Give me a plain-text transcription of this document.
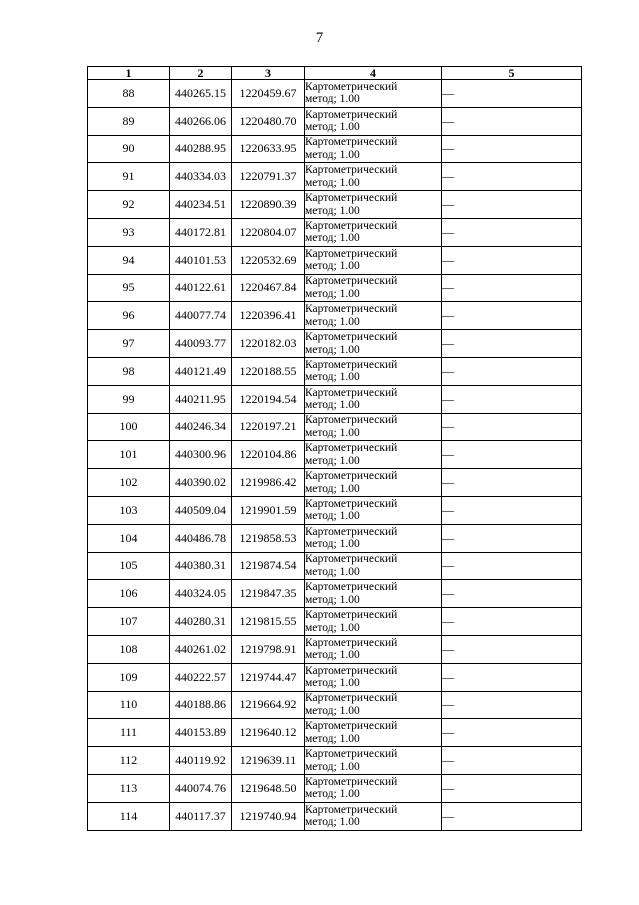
7
1	2	3	4	5
88	440265.15	1220459.67	Картометрический
метод; 1.00	—
89	440266.06	1220480.70	Картометрический
метод; 1.00	—
90	440288.95	1220633.95	Картометрический
метод; 1.00	—
91	440334.03	1220791.37	Картометрический
метод; 1.00	—
92	440234.51	1220890.39	Картометрический
метод; 1.00	—
93	440172.81	1220804.07	Картометрический
метод; 1.00	—
94	440101.53	1220532.69	Картометрический
метод; 1.00	—
95	440122.61	1220467.84	Картометрический
метод; 1.00	—
96	440077.74	1220396.41	Картометрический
метод; 1.00	—
97	440093.77	1220182.03	Картометрический
метод; 1.00	—
98	440121.49	1220188.55	Картометрический
метод; 1.00	—
99	440211.95	1220194.54	Картометрический
метод; 1.00	—
100	440246.34	1220197.21	Картометрический
метод; 1.00	—
101	440300.96	1220104.86	Картометрический
метод; 1.00	—
102	440390.02	1219986.42	Картометрический
метод; 1.00	—
103	440509.04	1219901.59	Картометрический
метод; 1.00	—
104	440486.78	1219858.53	Картометрический
метод; 1.00	—
105	440380.31	1219874.54	Картометрический
метод; 1.00	—
106	440324.05	1219847.35	Картометрический
метод; 1.00	—
107	440280.31	1219815.55	Картометрический
метод; 1.00	—
108	440261.02	1219798.91	Картометрический
метод; 1.00	—
109	440222.57	1219744.47	Картометрический
метод; 1.00	—
110	440188.86	1219664.92	Картометрический
метод; 1.00	—
111	440153.89	1219640.12	Картометрический
метод; 1.00	—
112	440119.92	1219639.11	Картометрический
метод; 1.00	—
113	440074.76	1219648.50	Картометрический
метод; 1.00	—
114	440117.37	1219740.94	Картометрический
метод; 1.00	—
